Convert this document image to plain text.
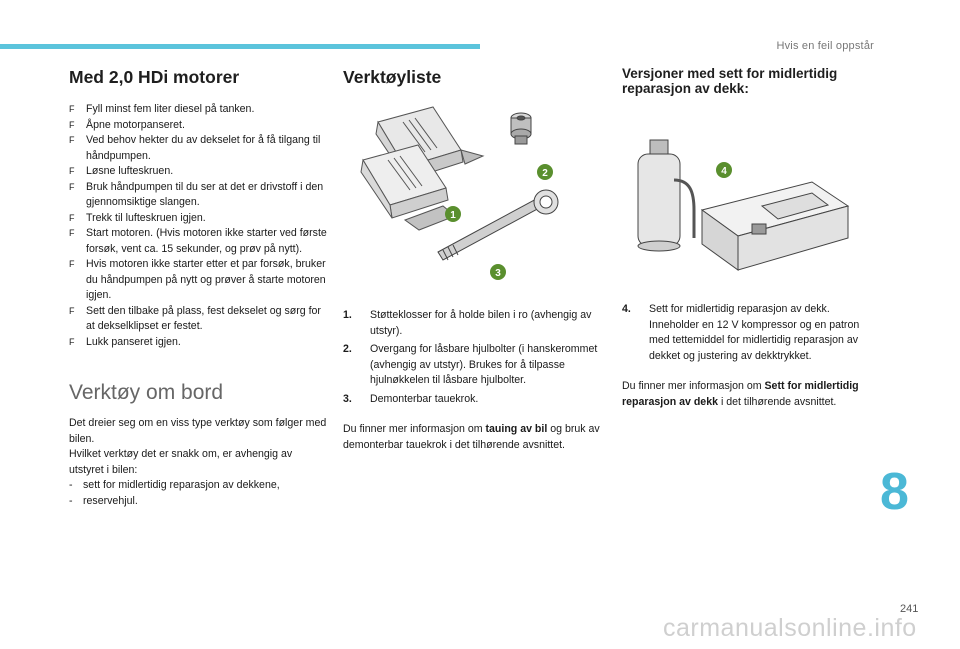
Hvis en feil oppstår
Med 2,0 HDi motorer
F Fyll minst fem liter diesel på tanken.
F Åpne motorpanseret.
F Ved behov hekter du av dekselet for å få tilgang til håndpumpen.
F Løsne lufteskruen.
F Bruk håndpumpen til du ser at det er drivstoff i den gjennomsiktige slangen.
F Trekk til lufteskruen igjen.
F Start motoren. (Hvis motoren ikke starter ved første forsøk, vent ca. 15 sekunder, og prøv på nytt).
F Hvis motoren ikke starter etter et par forsøk, bruker du håndpumpen på nytt og prøver å starte motoren igjen.
F Sett den tilbake på plass, fest dekselet og sørg for at dekselklipset er festet.
F Lukk panseret igjen.
Verktøy om bord

Det dreier seg om en viss type verktøy som følger med bilen.

Hvilket verktøy det er snakk om, er avhengig av utstyret i bilen:

- sett for midlertidig reparasjon av dekkene,
- reservehjul.
Verktøyliste
1
2
3
1. Støtteklosser for å holde bilen i ro (avhengig av utstyr).
2. Overgang for låsbare hjulbolter (i hanskerommet (avhengig av utstyr). Brukes for å tilpasse hjulnøkkelen til låsbare hjulbolter.
3. Demonterbar tauekrok.

Du finner mer informasjon om tauing av bil og bruk av demonterbar tauekrok i det tilhørende avsnittet.

Versjoner med sett for midlertidig reparasjon av dekk:
4
4. Sett for midlertidig reparasjon av dekk. Inneholder en 12 V kompressor og en patron med tettemiddel for midlertidig reparasjon av dekket og justering av dekktrykket.

Du finner mer informasjon om Sett for midlertidig reparasjon av dekk i det tilhørende avsnittet.

8
241
carmanualsonline.info
